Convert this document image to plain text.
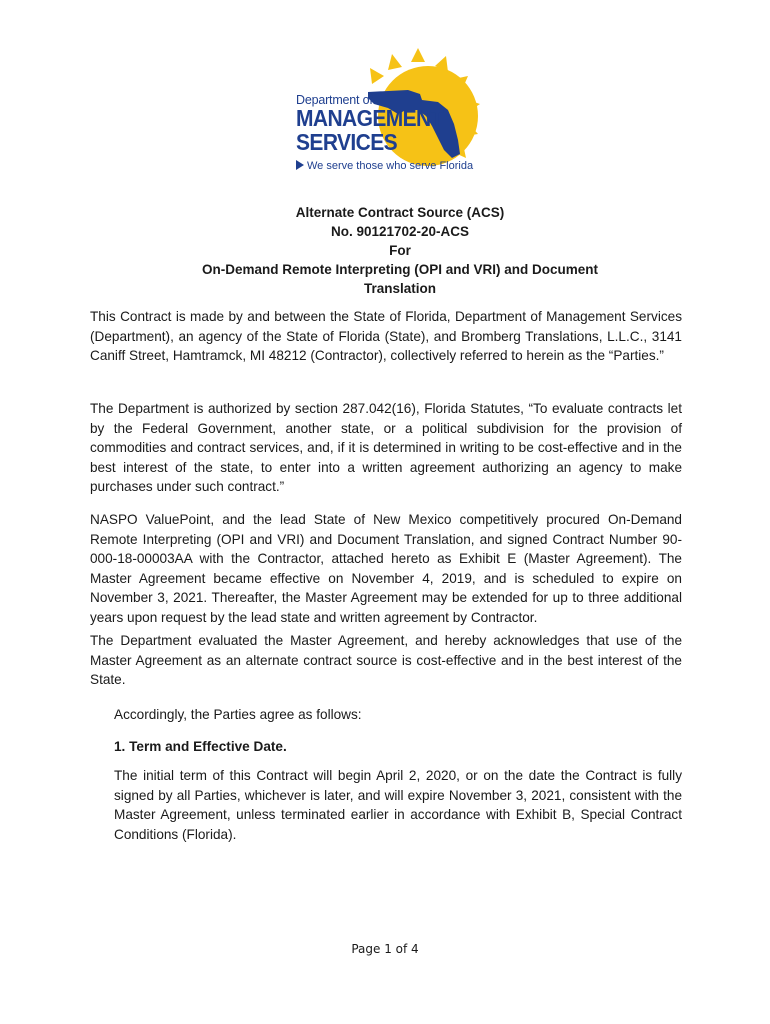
Department of
MANAGEMENT
SERVICES
We serve those who serve Florida
Alternate Contract Source (ACS)
No. 90121702-20-ACS
For
On-Demand Remote Interpreting (OPI and VRI) and Document
Translation

This Contract is made by and between the State of Florida, Department of Management Services (Department), an agency of the State of Florida (State), and Bromberg Translations, L.L.C., 3141 Caniff Street, Hamtramck, MI 48212 (Contractor), collectively referred to herein as the “Parties.”

The Department is authorized by section 287.042(16), Florida Statutes, “To evaluate contracts let by the Federal Government, another state, or a political subdivision for the provision of commodities and contract services, and, if it is determined in writing to be cost-effective and in the best interest of the state, to enter into a written agreement authorizing an agency to make purchases under such contract.”

NASPO ValuePoint, and the lead State of New Mexico competitively procured On-Demand Remote Interpreting (OPI and VRI) and Document Translation, and signed Contract Number 90-000-18-00003AA with the Contractor, attached hereto as Exhibit E (Master Agreement). The Master Agreement became effective on November 4, 2019, and is scheduled to expire on November 3, 2021. Thereafter, the Master Agreement may be extended for up to three additional years upon request by the lead state and written agreement by Contractor.

The Department evaluated the Master Agreement, and hereby acknowledges that use of the Master Agreement as an alternate contract source is cost-effective and in the best interest of the State.

Accordingly, the Parties agree as follows:

1. Term and Effective Date.

The initial term of this Contract will begin April 2, 2020, or on the date the Contract is fully signed by all Parties, whichever is later, and will expire November 3, 2021, consistent with the Master Agreement, unless terminated earlier in accordance with Exhibit B, Special Contract Conditions (Florida).

Page 1 of 4
